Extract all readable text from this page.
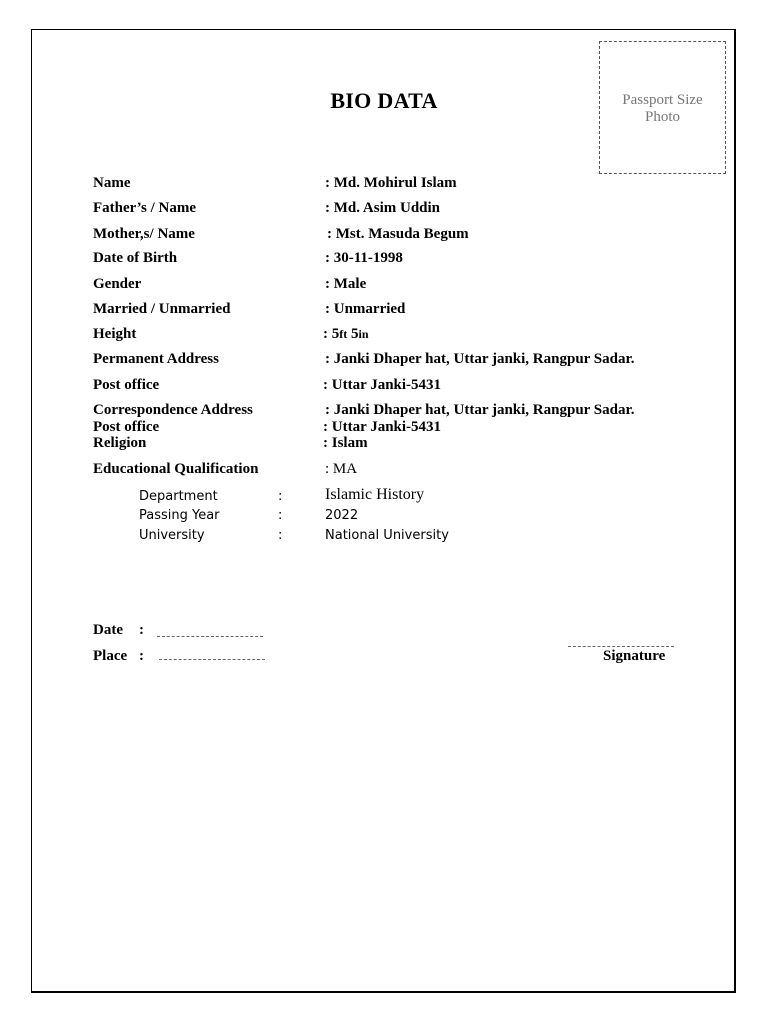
BIO DATA	Passport Size
Photo
Name	: Md. Mohirul Islam
Father’s / Name	: Md. Asim Uddin
Mother,s/ Name	: Mst. Masuda Begum
Date of Birth	: 30-11-1998
Gender	: Male
Married / Unmarried	: Unmarried
Height	: 5ft 5in
Permanent Address	: Janki Dhaper hat, Uttar janki, Rangpur Sadar.
Post office	: Uttar Janki-5431
Correspondence Address	: Janki Dhaper hat, Uttar janki, Rangpur Sadar.
Post office	: Uttar Janki-5431
Religion	: Islam
Educational Qualification	: MA
Department	:	Islamic History
Passing Year	:	2022
University	:	National University
Date :
Place :	Signature
